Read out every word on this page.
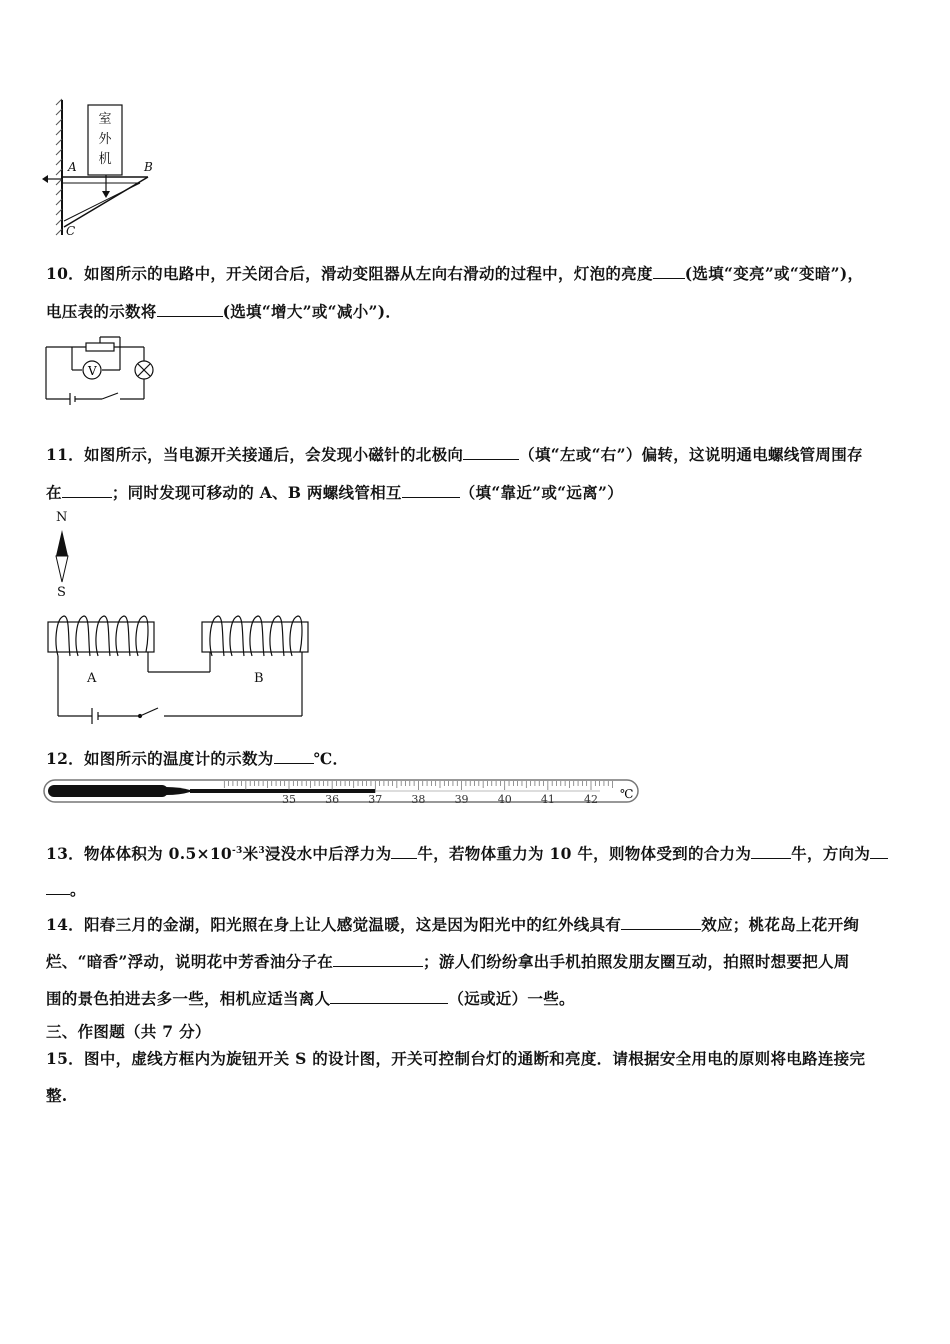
室
外
机
A	B
C
10．如图所示的电路中，开关闭合后，滑动变阻器从左向右滑动的过程中，灯泡的亮度 (选填“变亮”或“变暗”)，
电压表的示数将	(选填“增大”或“减小”)．
V
11．如图所示，当电源开关接通后，会发现小磁针的北极向	（填“左或“右”）偏转，这说明通电螺线管周围存
在	；同时发现可移动的 A、B 两螺线管相互	（填“靠近”或“远离”）
N
S
A	B
12．如图所示的温度计的示数为	℃．
35	36	37	38	39	40	41	42 ℃
13．物体体积为 $0.5\times 10^{-3}$米$^3$浸没水中后浮力为 牛，若物体重力为 10 牛，则物体受到的合力为	牛，方向为
。
14．阳春三月的金湖，阳光照在身上让人感觉温暖，这是因为阳光中的红外线具有	效应；桃花岛上花开绚
烂、“暗香”浮动，说明花中芳香油分子在	；游人们纷纷拿出手机拍照发朋友圈互动，拍照时想要把人周
围的景色拍进去多一些，相机应适当离人	（远或近）一些。
三、作图题（共 7 分）
15．图中，虚线方框内为旋钮开关 S 的设计图，开关可控制台灯的通断和亮度．请根据安全用电的原则将电路连接完
整.
